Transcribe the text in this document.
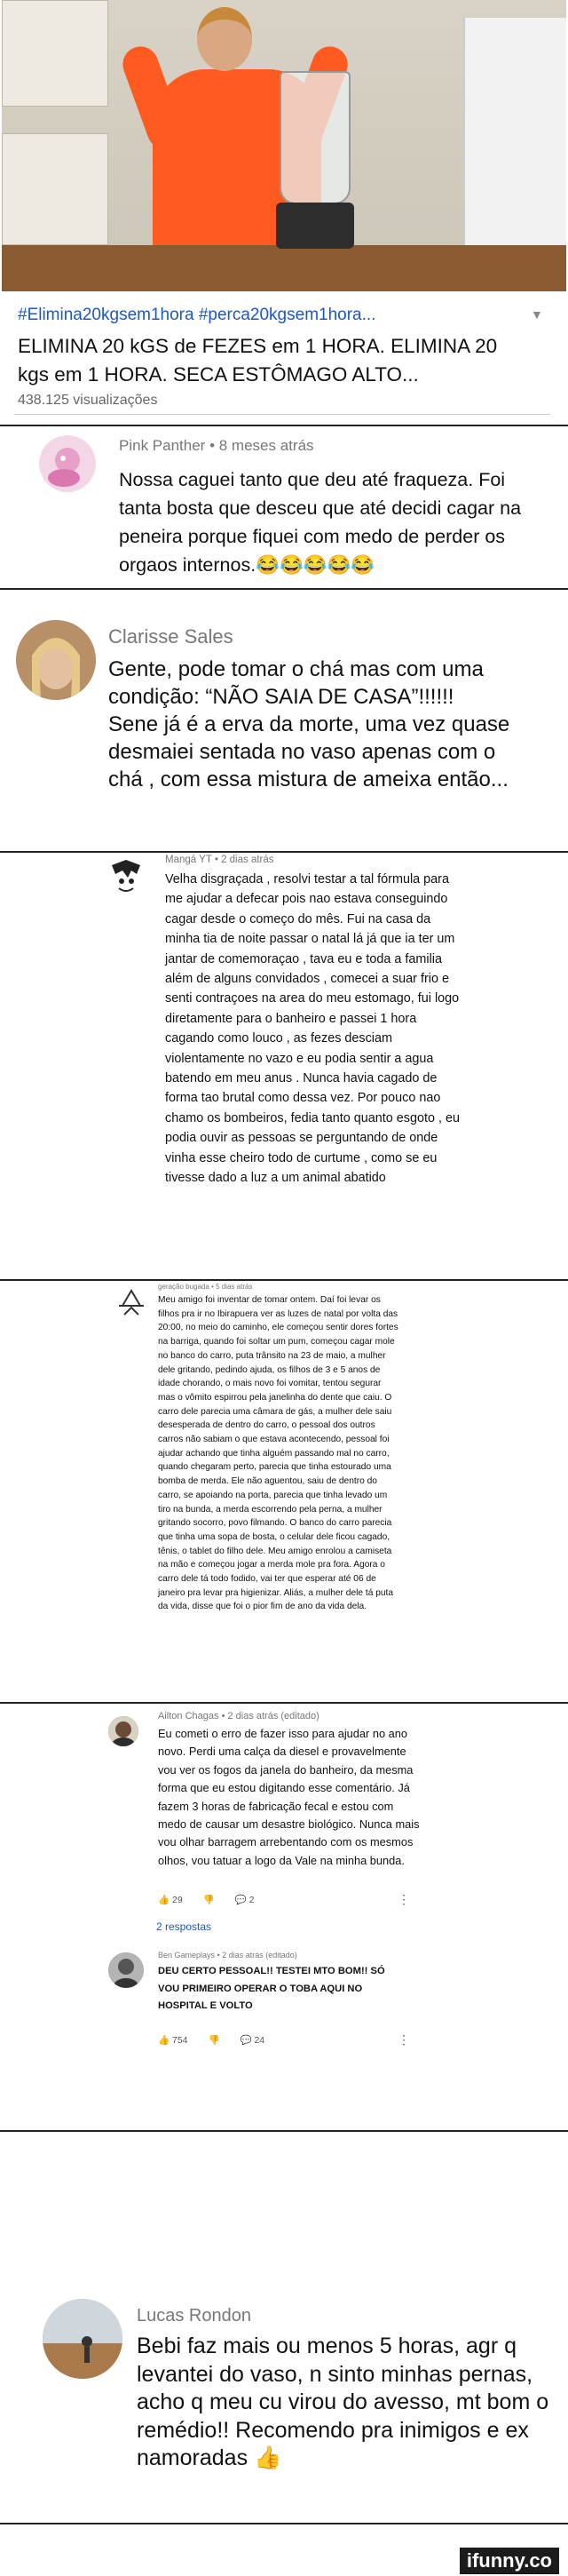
#Elimina20kgsem1hora #perca20kgsem1hora...	▼
ELIMINA 20 kGS de FEZES em 1 HORA. ELIMINA 20 kgs em 1 HORA. SECA ESTÔMAGO ALTO...
438.125 visualizações
Pink Panther • 8 meses atrás
Nossa caguei tanto que deu até fraqueza. Foi tanta bosta que desceu que até decidi cagar na peneira porque fiquei com medo de perder os orgaos internos.😂😂😂😂😂
Clarisse Sales
Gente, pode tomar o chá mas com uma condição: “NÃO SAIA DE CASA”!!!!!!
Sene já é a erva da morte, uma vez quase desmaiei sentada no vaso apenas com o chá , com essa mistura de ameixa então...
Mangá YT • 2 dias atrás
Velha disgraçada , resolvi testar a tal fórmula para me ajudar a defecar pois nao estava conseguindo cagar desde o começo do mês. Fui na casa da minha tia de noite passar o natal lá já que ia ter um jantar de comemoraçao , tava eu e toda a familia além de alguns convidados , comecei a suar frio e senti contraçoes na area do meu estomago, fui logo diretamente para o banheiro e passei 1 hora cagando como louco , as fezes desciam violentamente no vazo e eu podia sentir a agua batendo em meu anus . Nunca havia cagado de forma tao brutal como dessa vez. Por pouco nao chamo os bombeiros, fedia tanto quanto esgoto , eu podia ouvir as pessoas se perguntando de onde vinha esse cheiro todo de curtume , como se eu tivesse dado a luz a um animal abatido
geração bugada • 5 dias atrás
Meu amigo foi inventar de tomar ontem. Daí foi levar os filhos pra ir no Ibirapuera ver as luzes de natal por volta das 20:00, no meio do caminho, ele começou sentir dores fortes na barriga, quando foi soltar um pum, começou cagar mole no banco do carro, puta trânsito na 23 de maio, a mulher dele gritando, pedindo ajuda, os filhos de 3 e 5 anos de idade chorando, o mais novo foi vomitar, tentou segurar mas o vômito espirrou pela janelinha do dente que caiu. O carro dele parecia uma câmara de gás, a mulher dele saiu desesperada de dentro do carro, o pessoal dos outros carros não sabiam o que estava acontecendo, pessoal foi ajudar achando que tinha alguém passando mal no carro, quando chegaram perto, parecia que tinha estourado uma bomba de merda. Ele não aguentou, saiu de dentro do carro, se apoiando na porta, parecia que tinha levado um tiro na bunda, a merda escorrendo pela perna, a mulher gritando socorro, povo filmando. O banco do carro parecia que tinha uma sopa de bosta, o celular dele ficou cagado, tênis, o tablet do filho dele. Meu amigo enrolou a camiseta na mão e começou jogar a merda mole pra fora. Agora o carro dele tá todo fodido, vai ter que esperar até 06 de janeiro pra levar pra higienizar. Aliás, a mulher dele tá puta da vida, disse que foi o pior fim de ano da vida dela.
Ailton Chagas • 2 dias atrás (editado)
Eu cometi o erro de fazer isso para ajudar no ano novo. Perdi uma calça da diesel e provavelmente vou ver os fogos da janela do banheiro, da mesma forma que eu estou digitando esse comentário. Já fazem 3 horas de fabricação fecal e estou com medo de causar um desastre biológico. Nunca mais vou olhar barragem arrebentando com os mesmos olhos, vou tatuar a logo da Vale na minha bunda.
👍 29 👎 💬 2	⋮
2 respostas
Ben Gameplays • 2 dias atrás (editado)
DEU CERTO PESSOAL!! TESTEI MTO BOM!! SÓ VOU PRIMEIRO OPERAR O TOBA AQUI NO HOSPITAL E VOLTO
👍 754 👎 💬 24	⋮
Lucas Rondon
Bebi faz mais ou menos 5 horas, agr q levantei do vaso, n sinto minhas pernas, acho q meu cu virou do avesso, mt bom o remédio!! Recomendo pra inimigos e ex namoradas 👍
ifunny.co
